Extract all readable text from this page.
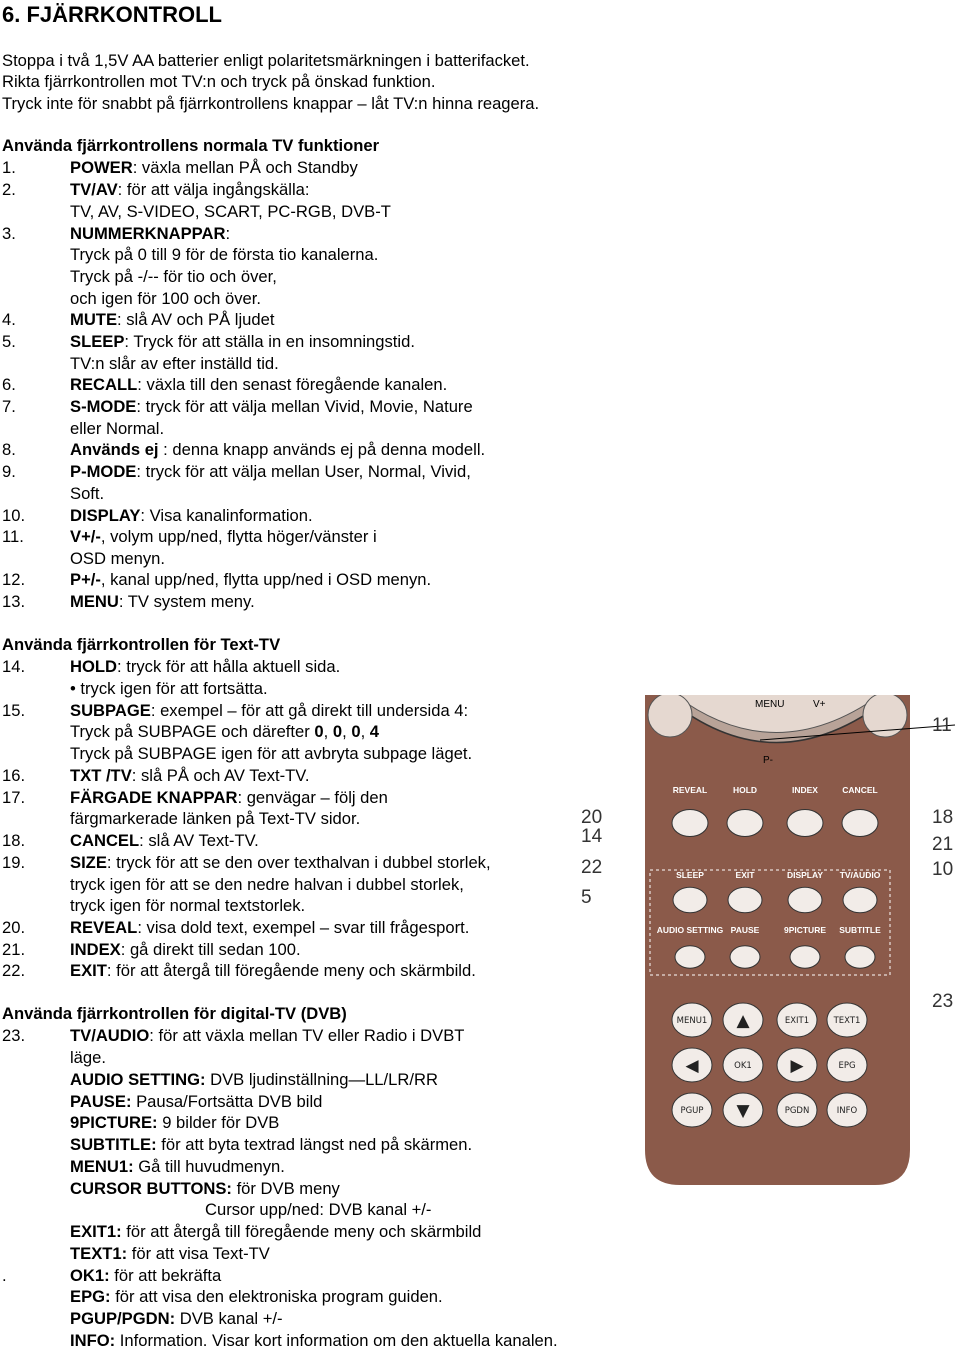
6. FJÄRRKONTROLL
Stoppa i två 1,5V AA batterier enligt polaritetsmärkningen i batterifacket.
Rikta fjärrkontrollen mot TV:n och tryck på önskad funktion.
Tryck inte för snabbt på fjärrkontrollens knappar – låt TV:n hinna reagera.
Använda fjärrkontrollens normala TV funktioner
1.	POWER: växla mellan PÅ och Standby
2.	TV/AV: för att välja ingångskälla:
TV, AV, S-VIDEO, SCART, PC-RGB, DVB-T
3.	NUMMERKNAPPAR:
Tryck på 0 till 9 för de första tio kanalerna.
Tryck på -/-- för tio och över,
och igen för 100 och över.
4.	MUTE: slå AV och PÅ ljudet
5.	SLEEP: Tryck för att ställa in en insomningstid.
TV:n slår av efter inställd tid.
6.	RECALL: växla till den senast föregående kanalen.
7.	S-MODE: tryck för att välja mellan Vivid, Movie, Nature
eller Normal.
8.	Används ej : denna knapp används ej på denna modell.
9.	P-MODE: tryck för att välja mellan User, Normal, Vivid,
Soft.
10.	DISPLAY: Visa kanalinformation.
11.	V+/-, volym upp/ned, flytta höger/vänster i
OSD menyn.
12.	P+/-, kanal upp/ned, flytta upp/ned i OSD menyn.
13.	MENU: TV system meny.
Använda fjärrkontrollen för Text-TV
14.	HOLD: tryck för att hålla aktuell sida.
• tryck igen för att fortsätta.
15.	SUBPAGE: exempel – för att gå direkt till undersida 4:
Tryck på SUBPAGE och därefter 0, 0, 0, 4
Tryck på SUBPAGE igen för att avbryta subpage läget.
16.	TXT /TV: slå PÅ och AV Text-TV.
17.	FÄRGADE KNAPPAR: genvägar – följ den
färgmarkerade länken på Text-TV sidor.
18.	CANCEL: slå AV Text-TV.
19.	SIZE: tryck för att se den over texthalvan i dubbel storlek,
tryck igen för att se den nedre halvan i dubbel storlek,
tryck igen för normal textstorlek.
20.	REVEAL: visa dold text, exempel – svar till frågesport.
21.	INDEX: gå direkt till sedan 100.
22.	EXIT: för att återgå till föregående meny och skärmbild.
Använda fjärrkontrollen för digital-TV (DVB)
23.	TV/AUDIO: för att växla mellan TV eller Radio i DVBT
läge.
AUDIO SETTING: DVB ljudinställning—LL/LR/RR
PAUSE: Pausa/Fortsätta DVB bild
9PICTURE: 9 bilder för DVB
SUBTITLE: för att byta textrad längst ned på skärmen.
MENU1: Gå till huvudmenyn.
CURSOR BUTTONS: för DVB meny
Cursor upp/ned: DVB kanal +/-
EXIT1: för att återgå till föregående meny och skärmbild
TEXT1: för att visa Text-TV
.	OK1: för att bekräfta
EPG: för att visa den elektroniska program guiden.
PGUP/PGDN: DVB kanal +/-
INFO: Information. Visar kort information om den aktuella kanalen.
MENU	V+
P-
REVEAL	HOLD	INDEX	CANCEL
SLEEP	EXIT	DISPLAY TV/AUDIO
AUDIO SETTING PAUSE	9PICTURE SUBTITLE
MENU1 ▲	EXIT1	TEXT1
◀	OK1 ▶	EPG
PGUP ▼	PGDN	INFO
20
14
22
5
11
18
21
10
23
